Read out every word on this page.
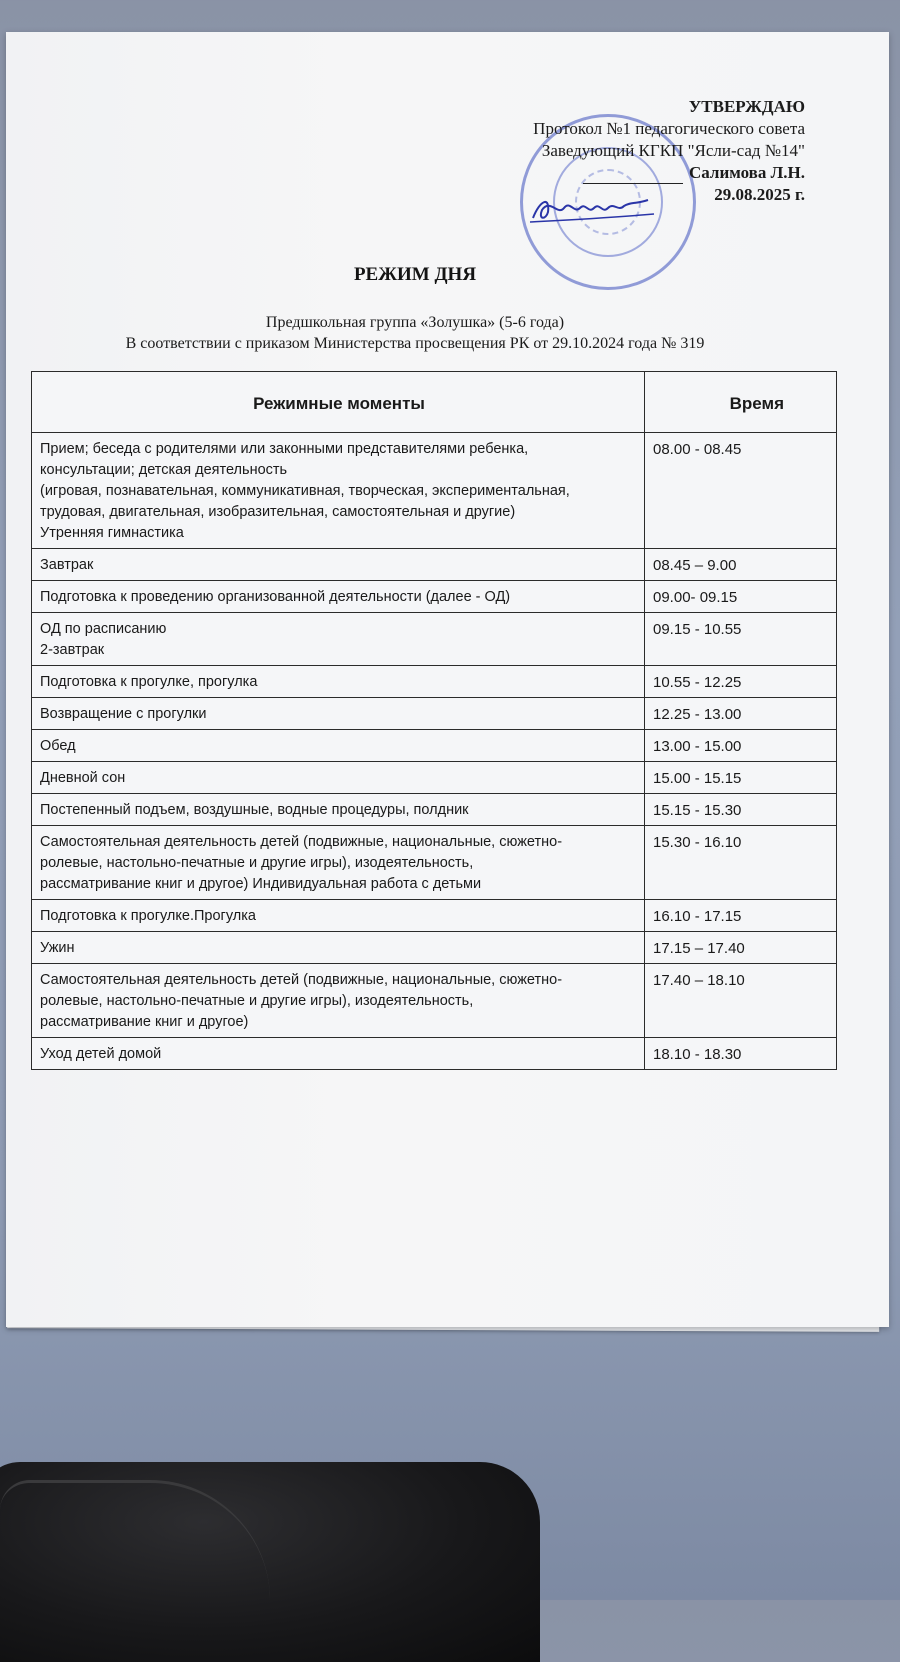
УТВЕРЖДАЮ
Протокол №1 педагогического совета
Заведующий КГКП "Ясли-сад №14"
Салимова Л.Н.
29.08.2025 г.
РЕЖИМ ДНЯ
Предшкольная группа «Золушка» (5-6 года)
В соответствии с приказом Министерства просвещения РК от 29.10.2024 года № 319
Режимные моменты	Время

Прием; беседа с родителями или законными представителями ребенка,
консультации; детская деятельность
(игровая, познавательная, коммуникативная, творческая, экспериментальная,
трудовая, двигательная, изобразительная, самостоятельная и другие)
Утренняя гимнастика	08.00 - 08.45

Завтрак	08.45 – 9.00

Подготовка к проведению организованной деятельности (далее - ОД)	09.00- 09.15

ОД по расписанию
2-завтрак	09.15 - 10.55

Подготовка к прогулке, прогулка	10.55 - 12.25

Возвращение с прогулки	12.25 - 13.00

Обед	13.00 - 15.00

Дневной сон	15.00 - 15.15

Постепенный подъем, воздушные, водные процедуры, полдник	15.15 - 15.30

Самостоятельная деятельность детей (подвижные, национальные, сюжетно-
ролевые, настольно-печатные и другие игры), изодеятельность,
рассматривание книг и другое) Индивидуальная работа с детьми	15.30 - 16.10

Подготовка к прогулке.Прогулка	16.10 - 17.15

Ужин	17.15 – 17.40

Самостоятельная деятельность детей (подвижные, национальные, сюжетно-
ролевые, настольно-печатные и другие игры), изодеятельность,
рассматривание книг и другое)	17.40 – 18.10

Уход детей домой	18.10 - 18.30
